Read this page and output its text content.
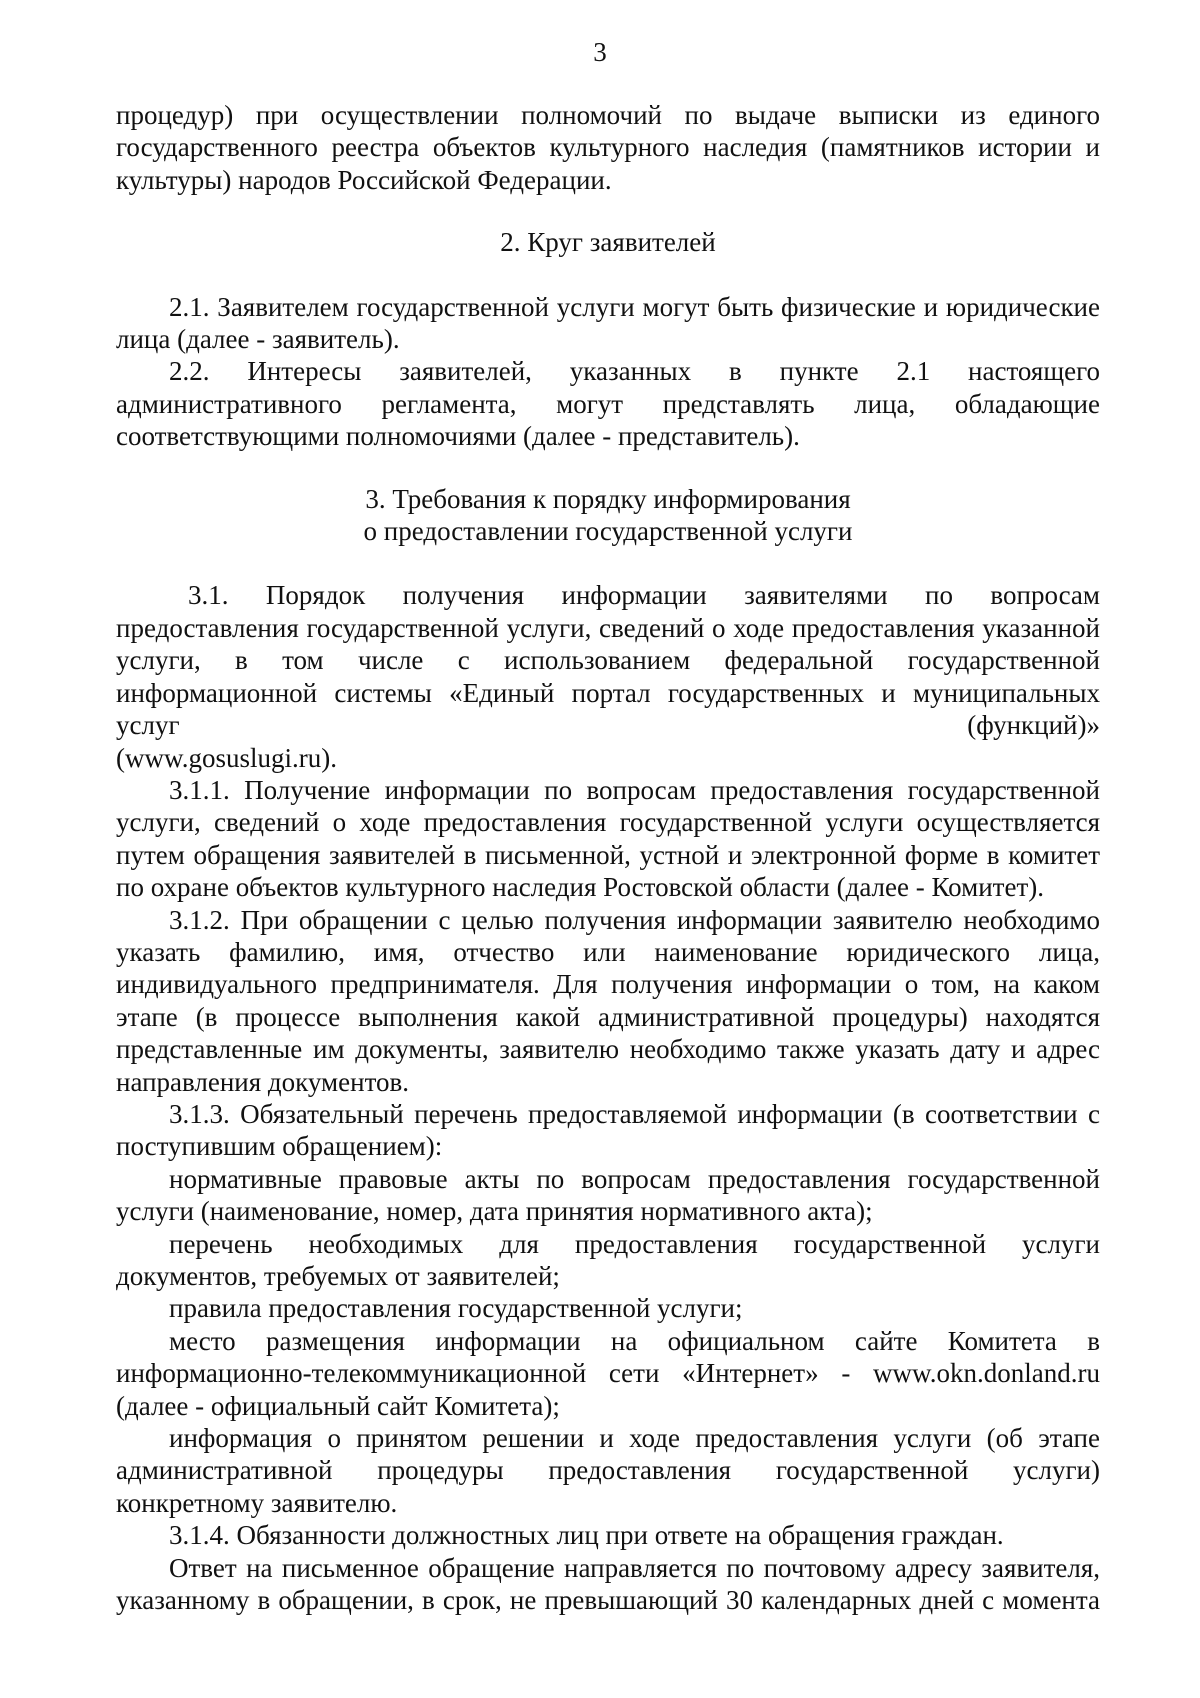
3

процедур) при осуществлении полномочий по выдаче выписки из единого государственного реестра объектов культурного наследия (памятников истории и культуры) народов Российской Федерации.

2. Круг заявителей

2.1. Заявителем государственной услуги могут быть физические и юридические лица (далее - заявитель).

2.2. Интересы заявителей, указанных в пункте 2.1 настоящего административного регламента, могут представлять лица, обладающие соответствующими полномочиями (далее - представитель).

3. Требования к порядку информирования

о предоставлении государственной услуги

3.1. Порядок получения информации заявителями по вопросам предоставления государственной услуги, сведений о ходе предоставления указанной услуги, в том числе с использованием федеральной государственной информационной системы «Единый портал государственных и муниципальных услуг (функций)»

(www.gosuslugi.ru).

3.1.1. Получение информации по вопросам предоставления государственной услуги, сведений о ходе предоставления государственной услуги осуществляется путем обращения заявителей в письменной, устной и электронной форме в комитет по охране объектов культурного наследия Ростовской области (далее - Комитет).

3.1.2. При обращении с целью получения информации заявителю необходимо указать фамилию, имя, отчество или наименование юридического лица, индивидуального предпринимателя. Для получения информации о том, на каком этапе (в процессе выполнения какой административной процедуры) находятся представленные им документы, заявителю необходимо также указать дату и адрес направления документов.

3.1.3. Обязательный перечень предоставляемой информации (в соответствии с поступившим обращением):

нормативные правовые акты по вопросам предоставления государственной услуги (наименование, номер, дата принятия нормативного акта);

перечень необходимых для предоставления государственной услуги документов, требуемых от заявителей;

правила предоставления государственной услуги;

место размещения информации на официальном сайте Комитета в информационно-телекоммуникационной сети «Интернет» - www.okn.donland.ru (далее - официальный сайт Комитета);

информация о принятом решении и ходе предоставления услуги (об этапе административной процедуры предоставления государственной услуги) конкретному заявителю.

3.1.4. Обязанности должностных лиц при ответе на обращения граждан.

Ответ на письменное обращение направляется по почтовому адресу заявителя, указанному в обращении, в срок, не превышающий 30 календарных дней с момента
